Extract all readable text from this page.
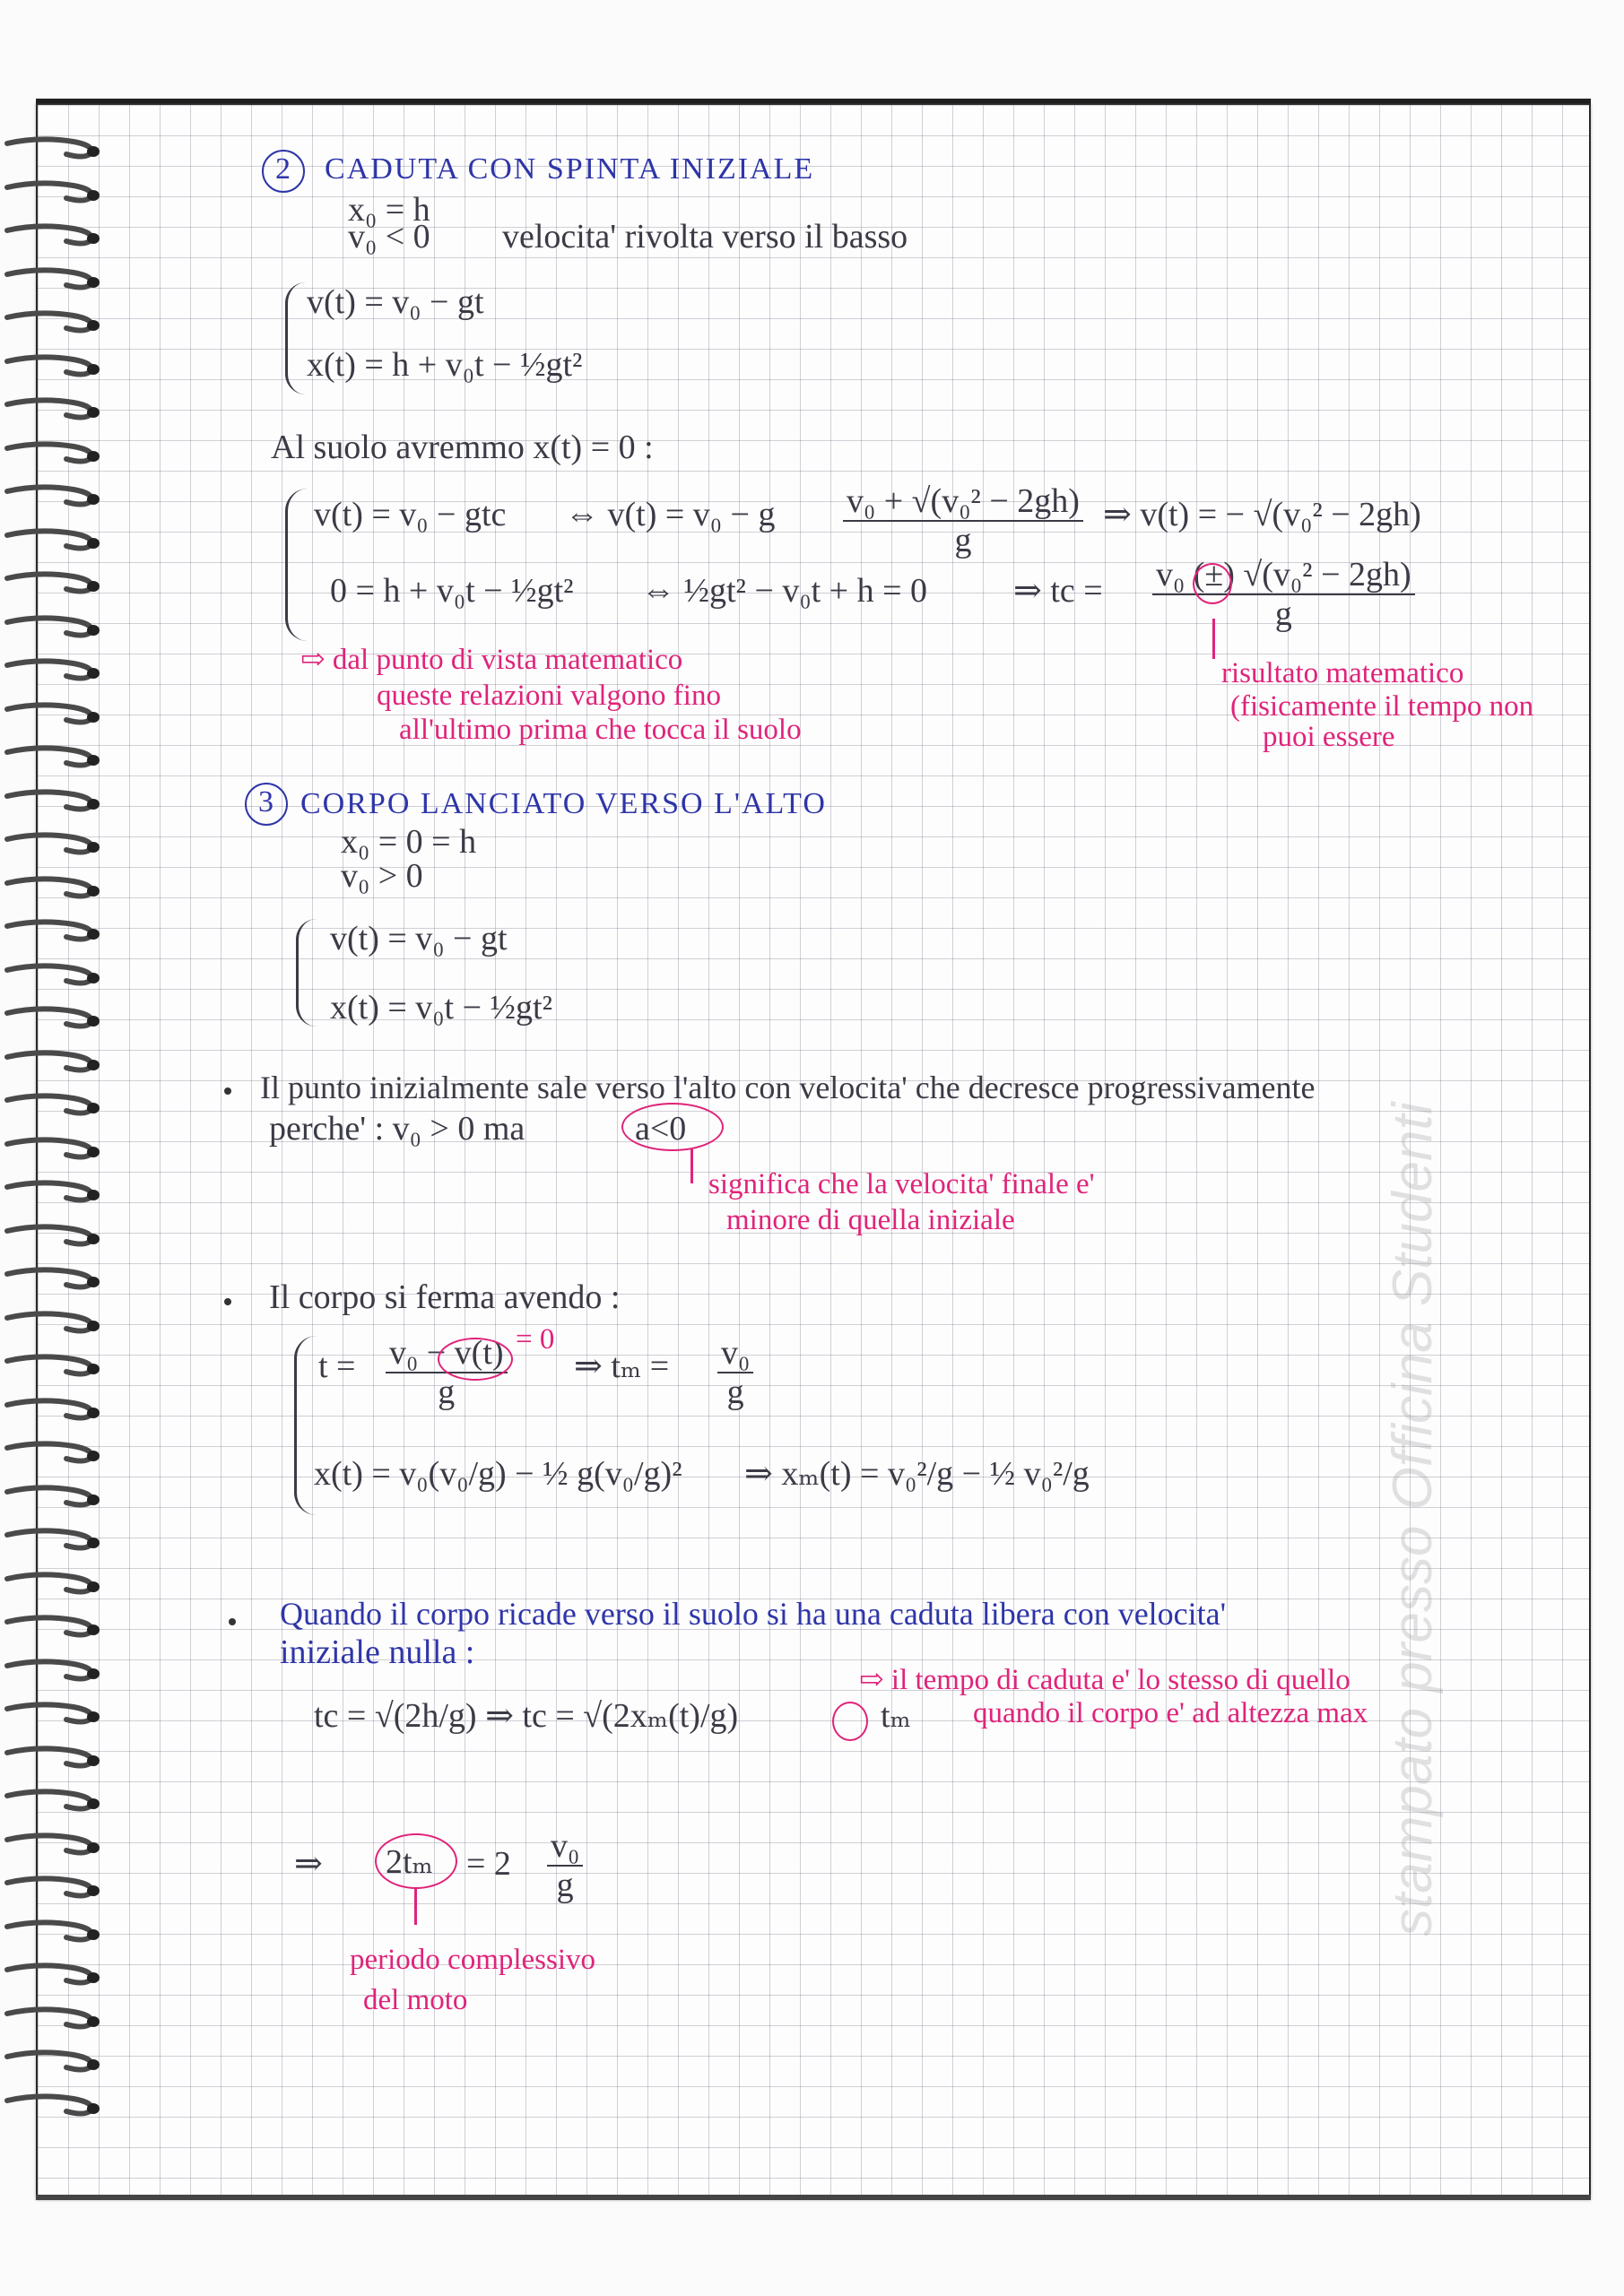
stampato presso Officina Studenti
2 CADUTA CON SPINTA INIZIALE
x₀ = h
v₀ < 0 velocita' rivolta verso il basso
v(t) = v₀ − gt
x(t) = h + v₀t − ½gt²
Al suolo avremmo x(t) = 0 :
v(t) = v₀ − gtc ⇔ v(t) = v₀ − g $\frac{\text{v₀ + √(v₀² − 2gh)}}{g}$ ⇒ v(t) = − √(v₀² − 2gh)
0 = h + v₀t − ½gt² ⇔ ½gt² − v₀t + h = 0	⇒ tc = $\frac{\text{v₀ (±) √(v₀² − 2gh)}}{g}$
⇨ dal punto di vista matematico
queste relazioni valgono fino
all'ultimo prima che tocca il suolo
risultato matematico
(fisicamente il tempo non
puoi essere
3 CORPO LANCIATO VERSO L'ALTO
x₀ = 0 = h
v₀ > 0
v(t) = v₀ − gt
x(t) = v₀t − ½gt²
Il punto inizialmente sale verso l'alto con velocita' che decresce progressivamente
perche' : v₀ > 0 ma	a<0
significa che la velocita' finale e'
minore di quella iniziale
Il corpo si ferma avendo :
$t = \frac{\text{v₀ − v(t)}}{g} = 0$
⇒ $t_m = \frac{\text{v₀}}{g}$
x(t) = v₀(v₀/g) − ½ g(v₀/g)² ⇒ xₘ(t) = v₀²/g − ½ v₀²/g
Quando il corpo ricade verso il suolo si ha una caduta libera con velocita'
iniziale nulla :
tc = √(2h/g) ⇒ tc = √(2xₘ(t)/g)	tₘ
⇨ il tempo di caduta e' lo stesso di quello
quando il corpo e' ad altezza max
⇒ $2t_m = 2 \frac{\text{v₀}}{g}$
periodo complessivo
del moto
